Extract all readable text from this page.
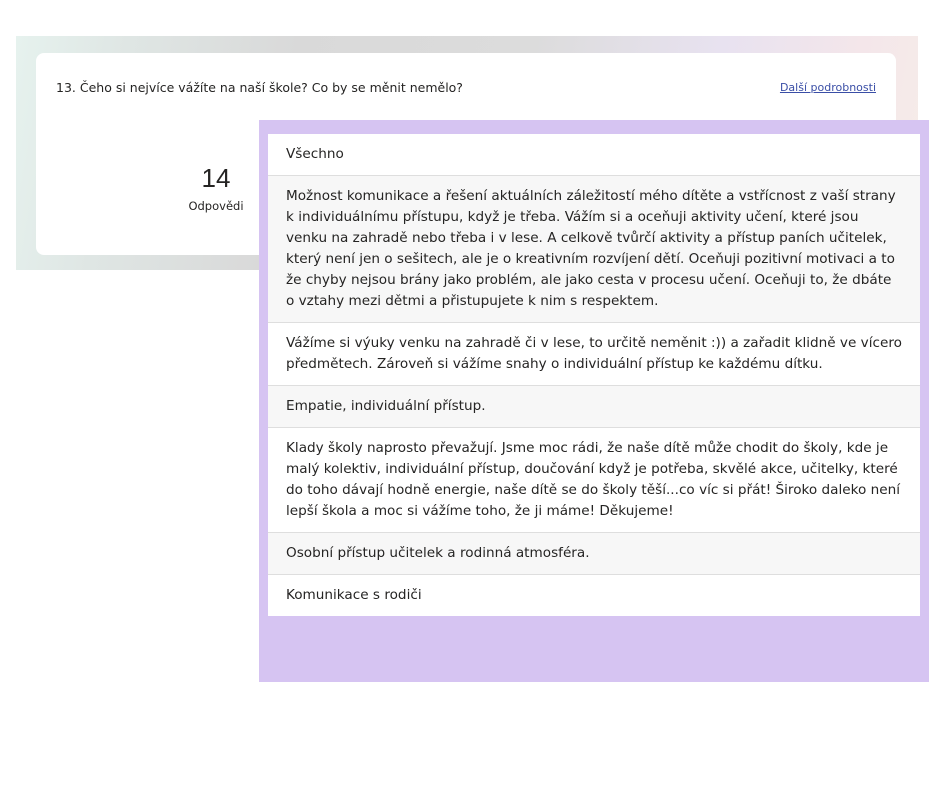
13. Čeho si nejvíce vážíte na naší škole? Co by se měnit nemělo?	Další podrobnosti
14
Odpovědi
Všechno
Možnost komunikace a řešení aktuálních záležitostí mého dítěte a vstřícnost z vaší strany k individuálnímu přístupu, když je třeba. Vážím si a oceňuji aktivity učení, které jsou venku na zahradě nebo třeba i v lese. A celkově tvůrčí aktivity a přístup paních učitelek, který není jen o sešitech, ale je o kreativním rozvíjení dětí. Oceňuji pozitivní motivaci a to že chyby nejsou brány jako problém, ale jako cesta v procesu učení. Oceňuji to, že dbáte o vztahy mezi dětmi a přistupujete k nim s respektem.
Vážíme si výuky venku na zahradě či v lese, to určitě neměnit :)) a zařadit klidně ve vícero předmětech. Zároveň si vážíme snahy o individuální přístup ke každému dítku.
Empatie, individuální přístup.
Klady školy naprosto převažují. Jsme moc rádi, že naše dítě může chodit do školy, kde je malý kolektiv, individuální přístup, doučování když je potřeba, skvělé akce, učitelky, které do toho dávají hodně energie, naše dítě se do školy těší...co víc si přát! Široko daleko není lepší škola a moc si vážíme toho, že ji máme! Děkujeme!
Osobní přístup učitelek a rodinná atmosféra.
Komunikace s rodiči
